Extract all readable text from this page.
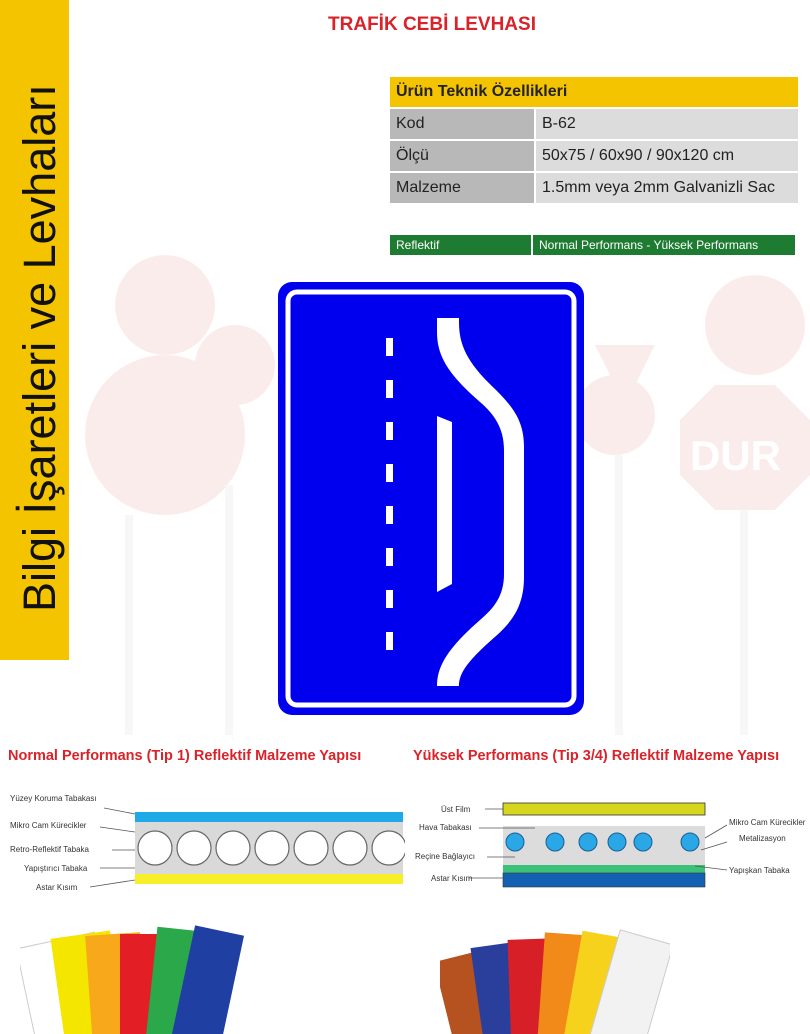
Bilgi İşaretleri ve Levhaları
TRAFİK CEBİ LEVHASI
DUR
Ürün Teknik Özellikleri	
Kod	B-62
Ölçü	50x75 / 60x90 / 90x120 cm
Malzeme	1.5mm veya 2mm Galvanizli Sac
Reflektif	Normal Performans - Yüksek Performans
Normal Performans (Tip 1) Reflektif Malzeme Yapısı	Yüksek Performans (Tip 3/4) Reflektif Malzeme Yapısı
Yüzey Koruma Tabakası
Mikro Cam Kürecikler
Retro-Reflektif Tabaka
Yapıştırıcı Tabaka
Astar Kısım
Üst Film
Hava Tabakası
Reçine Bağlayıcı
Astar Kısım
Mikro Cam Kürecikler
Metalizasyon
Yapışkan Tabaka
